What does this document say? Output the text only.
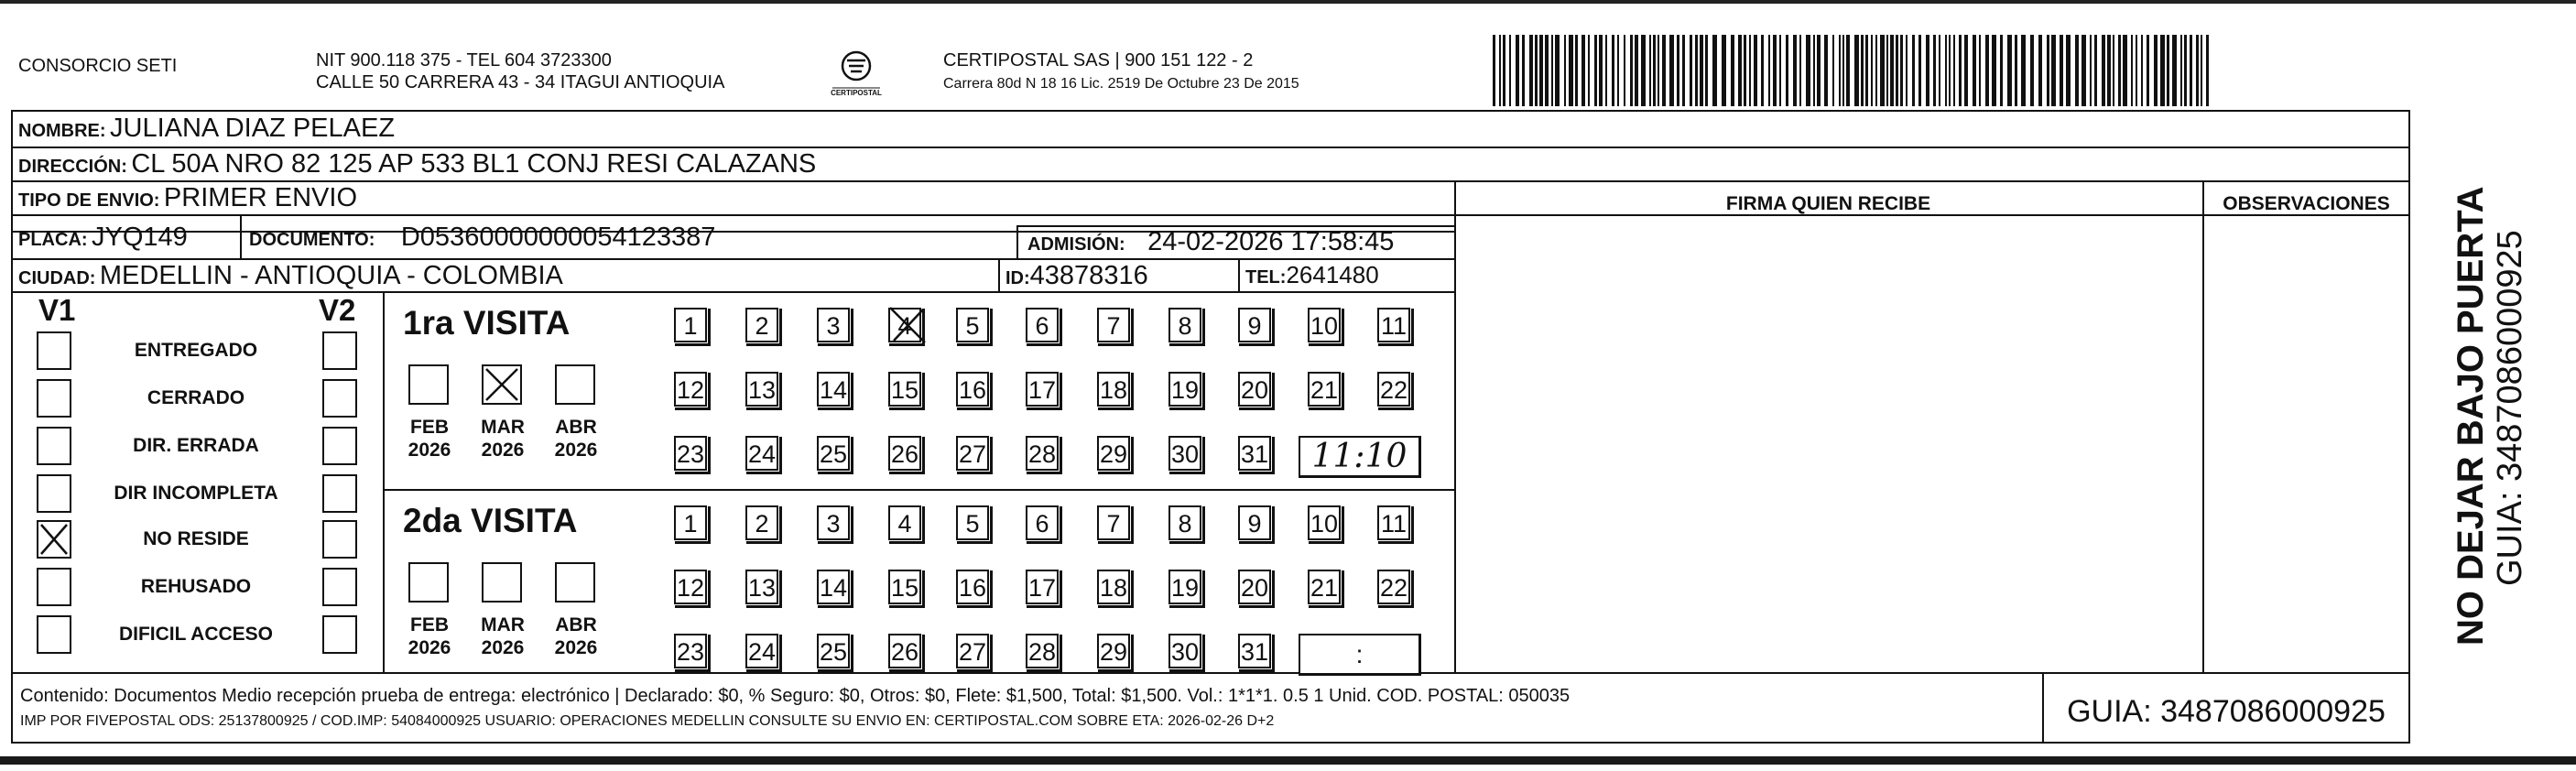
CONSORCIO SETI	NIT 900.118 375 - TEL 604 3723300
CALLE 50 CARRERA 43 - 34 ITAGUI ANTIOQUIA
CERTIPOSTAL
CERTIPOSTAL SAS | 900 151 122 - 2
Carrera 80d N 18 16 Lic. 2519 De Octubre 23 De 2015
FIRMA QUIEN RECIBE	OBSERVACIONES
NOMBRE: JULIANA DIAZ PELAEZ
DIRECCIÓN: CL 50A NRO 82 125 AP 533 BL1 CONJ RESI CALAZANS
TIPO DE ENVIO: PRIMER ENVIO
PLACA: JYQ149	DOCUMENTO: D05360000000054123387	ADMISIÓN: 24-02-2026 17:58:45
CIUDAD: MEDELLIN - ANTIOQUIA - COLOMBIA	ID:43878316	TEL:2641480
V1	V2
ENTREGADO
CERRADO
DIR. ERRADA
DIR INCOMPLETA
NO RESIDE
REHUSADO
DIFICIL ACCESO
1ra VISITA
FEB
2026
MAR
2026
ABR
2026
1	2	3	4	5	6	7	8	9	10 11
12 13 14 15 16 17 18 19 20 21 22
23 24 25 26 27 28 29 30 31	11:10
2da VISITA
FEB
2026
MAR
2026
ABR
2026
1	2	3	4	5	6	7	8	9	10 11
12 13 14 15 16 17 18 19 20 21 22
23 24 25 26 27 28 29 30 31	:
Contenido: Documentos Medio recepción prueba de entrega: electrónico | Declarado: $0, % Seguro: $0, Otros: $0, Flete: $1,500, Total: $1,500. Vol.: 1*1*1. 0.5 1 Unid. COD. POSTAL: 050035
IMP POR FIVEPOSTAL ODS: 25137800925 / COD.IMP: 54084000925 USUARIO: OPERACIONES MEDELLIN CONSULTE SU ENVIO EN: CERTIPOSTAL.COM SOBRE ETA: 2026-02-26 D+2	GUIA: 3487086000925
NO DEJAR BAJO PUERTA GUIA: 3487086000925
